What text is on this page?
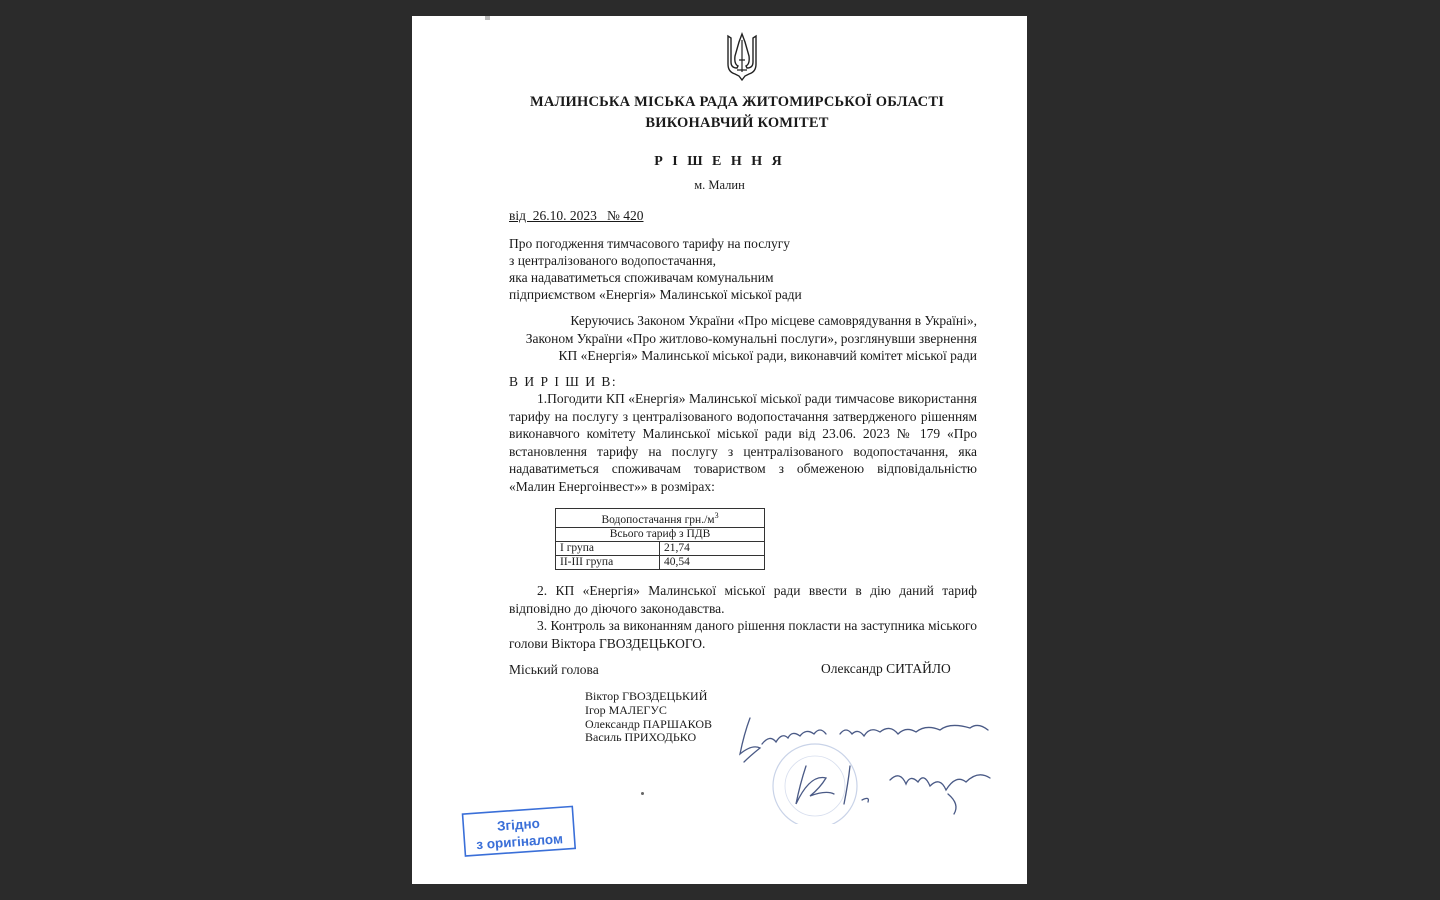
МАЛИНСЬКА МІСЬКА РАДА ЖИТОМИРСЬКОЇ ОБЛАСТІ
ВИКОНАВЧИЙ КОМІТЕТ
Р І Ш Е Н Н Я
м. Малин
від  26.10. 2023   № 420
Про погодження тимчасового тарифу на послугу
з централізованого водопостачання,
яка надаватиметься споживачам комунальним
підприємством «Енергія» Малинської міської ради
Керуючись Законом України «Про місцеве самоврядування в Україні»,
Законом України «Про житлово-комунальні послуги», розглянувши звернення
КП «Енергія» Малинської міської ради, виконавчий комітет міської ради
В И Р І Ш И В:

1.Погодити КП «Енергія» Малинської міської ради тимчасове використання тарифу на послугу з централізованого водопостачання затвердженого рішенням виконавчого комітету Малинської міської ради від 23.06. 2023 № 179 «Про встановлення тарифу на послугу з централізованого водопостачання, яка надаватиметься споживачам товариством з обмеженою відповідальністю «Малин Енергоінвест»» в розмірах:

Водопостачання $грн./м^3$
Всього тариф з ПДВ	
І група	21,74
ІІ-ІІІ група	40,54

2. КП «Енергія» Малинської міської ради ввести в дію даний тариф відповідно до діючого законодавства.

3. Контроль за виконанням даного рішення покласти на заступника міського голови Віктора ГВОЗДЕЦЬКОГО.

Міський голова	Олександр СИТАЙЛО
Віктор ГВОЗДЕЦЬКИЙ
Ігор МАЛЕГУС
Олександр ПАРШАКОВ
Василь ПРИХОДЬКО
Згідно
з оригіналом
